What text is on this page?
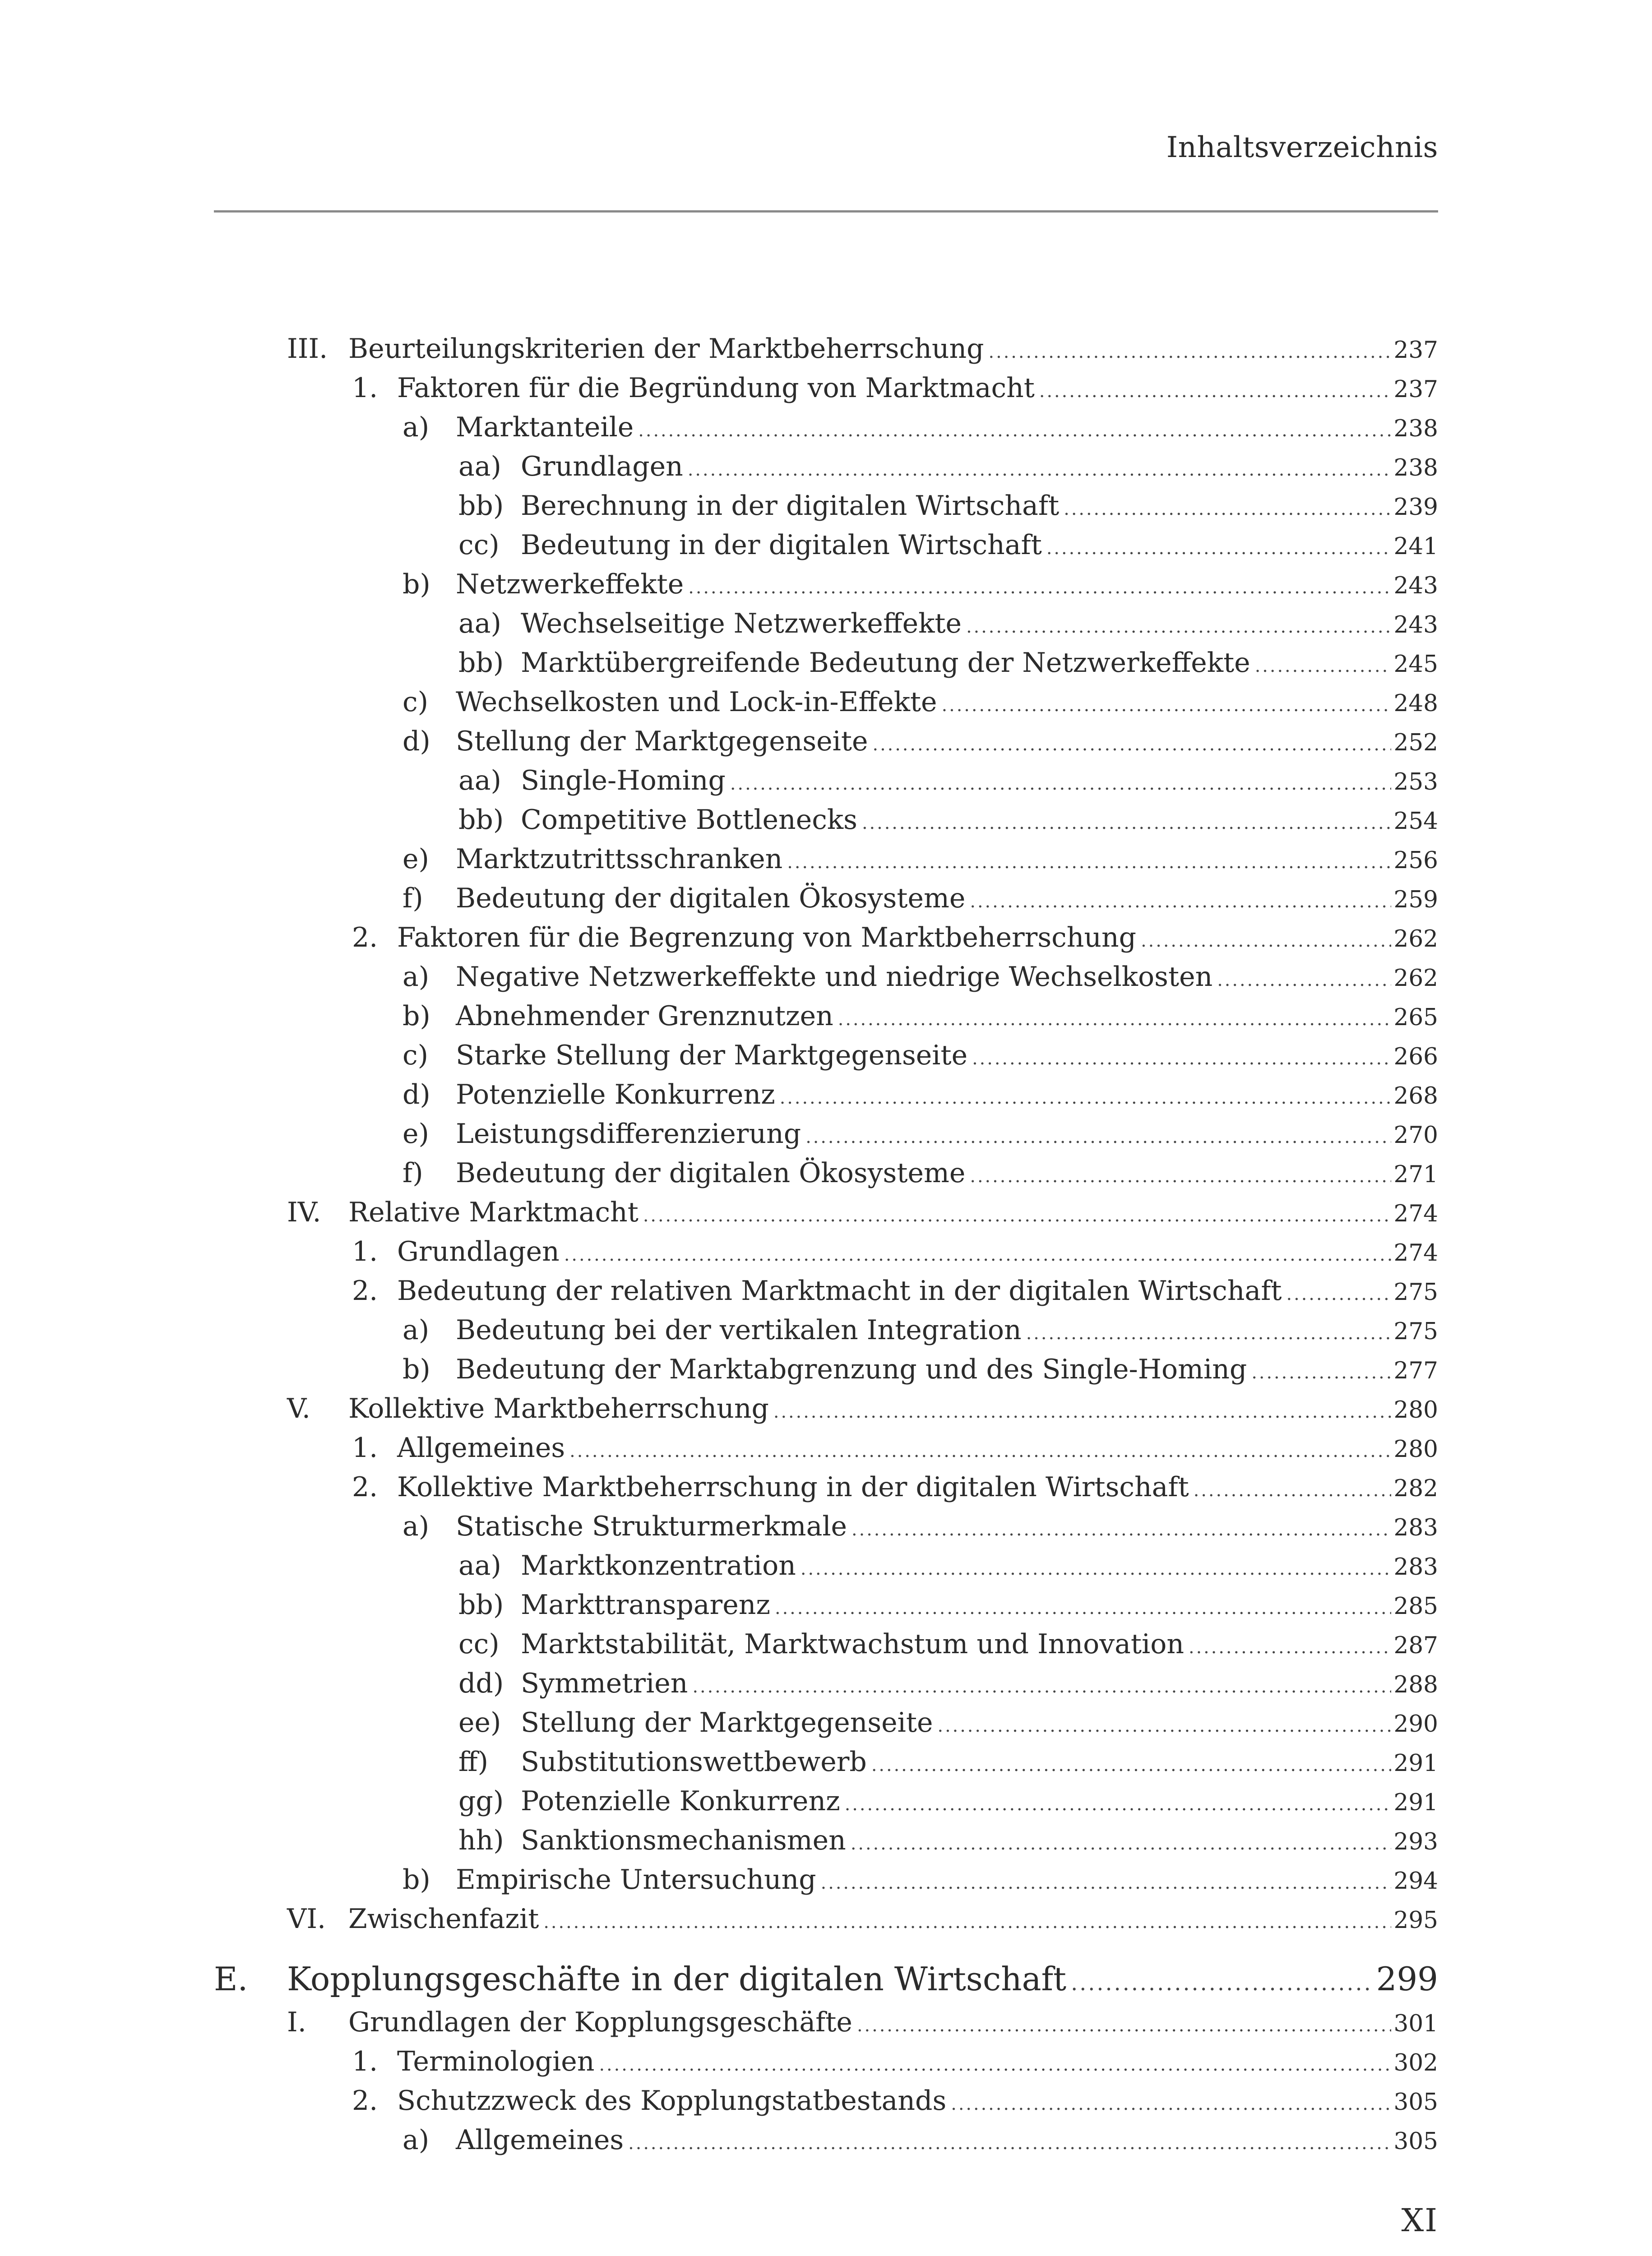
Inhaltsverzeichnis
III. Beurteilungskriterien der Marktbeherrschung .....	237
1. Faktoren für die Begründung von Marktmacht .....	237
a) Marktanteile .....	238
aa) Grundlagen .....	238
bb) Berechnung in der digitalen Wirtschaft .....	239
cc) Bedeutung in der digitalen Wirtschaft .....	241
b) Netzwerkeffekte .....	243
aa) Wechselseitige Netzwerkeffekte .....	243
bb) Marktübergreifende Bedeutung der Netzwerkeffekte .....	245
c) Wechselkosten und Lock-in-Effekte .....	248
d) Stellung der Marktgegenseite .....	252
aa) Single-Homing .....	253
bb) Competitive Bottlenecks .....	254
e) Marktzutrittsschranken .....	256
f) Bedeutung der digitalen Ökosysteme .....	259
2. Faktoren für die Begrenzung von Marktbeherrschung .....	262
a) Negative Netzwerkeffekte und niedrige Wechselkosten .....	262
b) Abnehmender Grenznutzen .....	265
c) Starke Stellung der Marktgegenseite .....	266
d) Potenzielle Konkurrenz .....	268
e) Leistungsdifferenzierung .....	270
f) Bedeutung der digitalen Ökosysteme .....	271
IV. Relative Marktmacht .....	274
1. Grundlagen .....	274
2. Bedeutung der relativen Marktmacht in der digitalen Wirtschaft .....	275
a) Bedeutung bei der vertikalen Integration .....	275
b) Bedeutung der Marktabgrenzung und des Single-Homing .....	277
V. Kollektive Marktbeherrschung .....	280
1. Allgemeines .....	280
2. Kollektive Marktbeherrschung in der digitalen Wirtschaft .....	282
a) Statische Strukturmerkmale .....	283
aa) Marktkonzentration .....	283
bb) Markttransparenz .....	285
cc) Marktstabilität, Marktwachstum und Innovation .....	287
dd) Symmetrien .....	288
ee) Stellung der Marktgegenseite .....	290
ff) Substitutionswettbewerb .....	291
gg) Potenzielle Konkurrenz .....	291
hh) Sanktionsmechanismen .....	293
b) Empirische Untersuchung .....	294
VI. Zwischenfazit .....	295
E. Kopplungsgeschäfte in der digitalen Wirtschaft .....	299
I. Grundlagen der Kopplungsgeschäfte .....	301
1. Terminologien .....	302
2. Schutzzweck des Kopplungstatbestands .....	305
a) Allgemeines .....	305
XI
